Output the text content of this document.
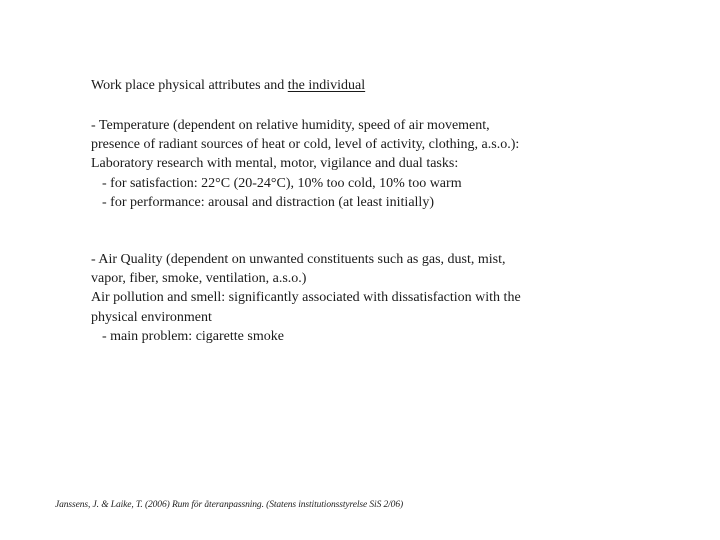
Work place physical attributes and the individual
- Temperature (dependent on relative humidity, speed of air movement,
presence of radiant sources of heat or cold, level of activity, clothing, a.s.o.):
Laboratory research with mental, motor, vigilance and dual tasks:
- for satisfaction: 22°C (20-24°C), 10% too cold, 10% too warm
- for performance: arousal and distraction (at least initially)
- Air Quality (dependent on unwanted constituents such as gas, dust, mist,
vapor, fiber, smoke, ventilation, a.s.o.)
Air pollution and smell: significantly associated with dissatisfaction with the
physical environment
- main problem: cigarette smoke
Janssens, J. & Laike, T. (2006) Rum för återanpassning. (Statens institutionsstyrelse SiS 2/06)
